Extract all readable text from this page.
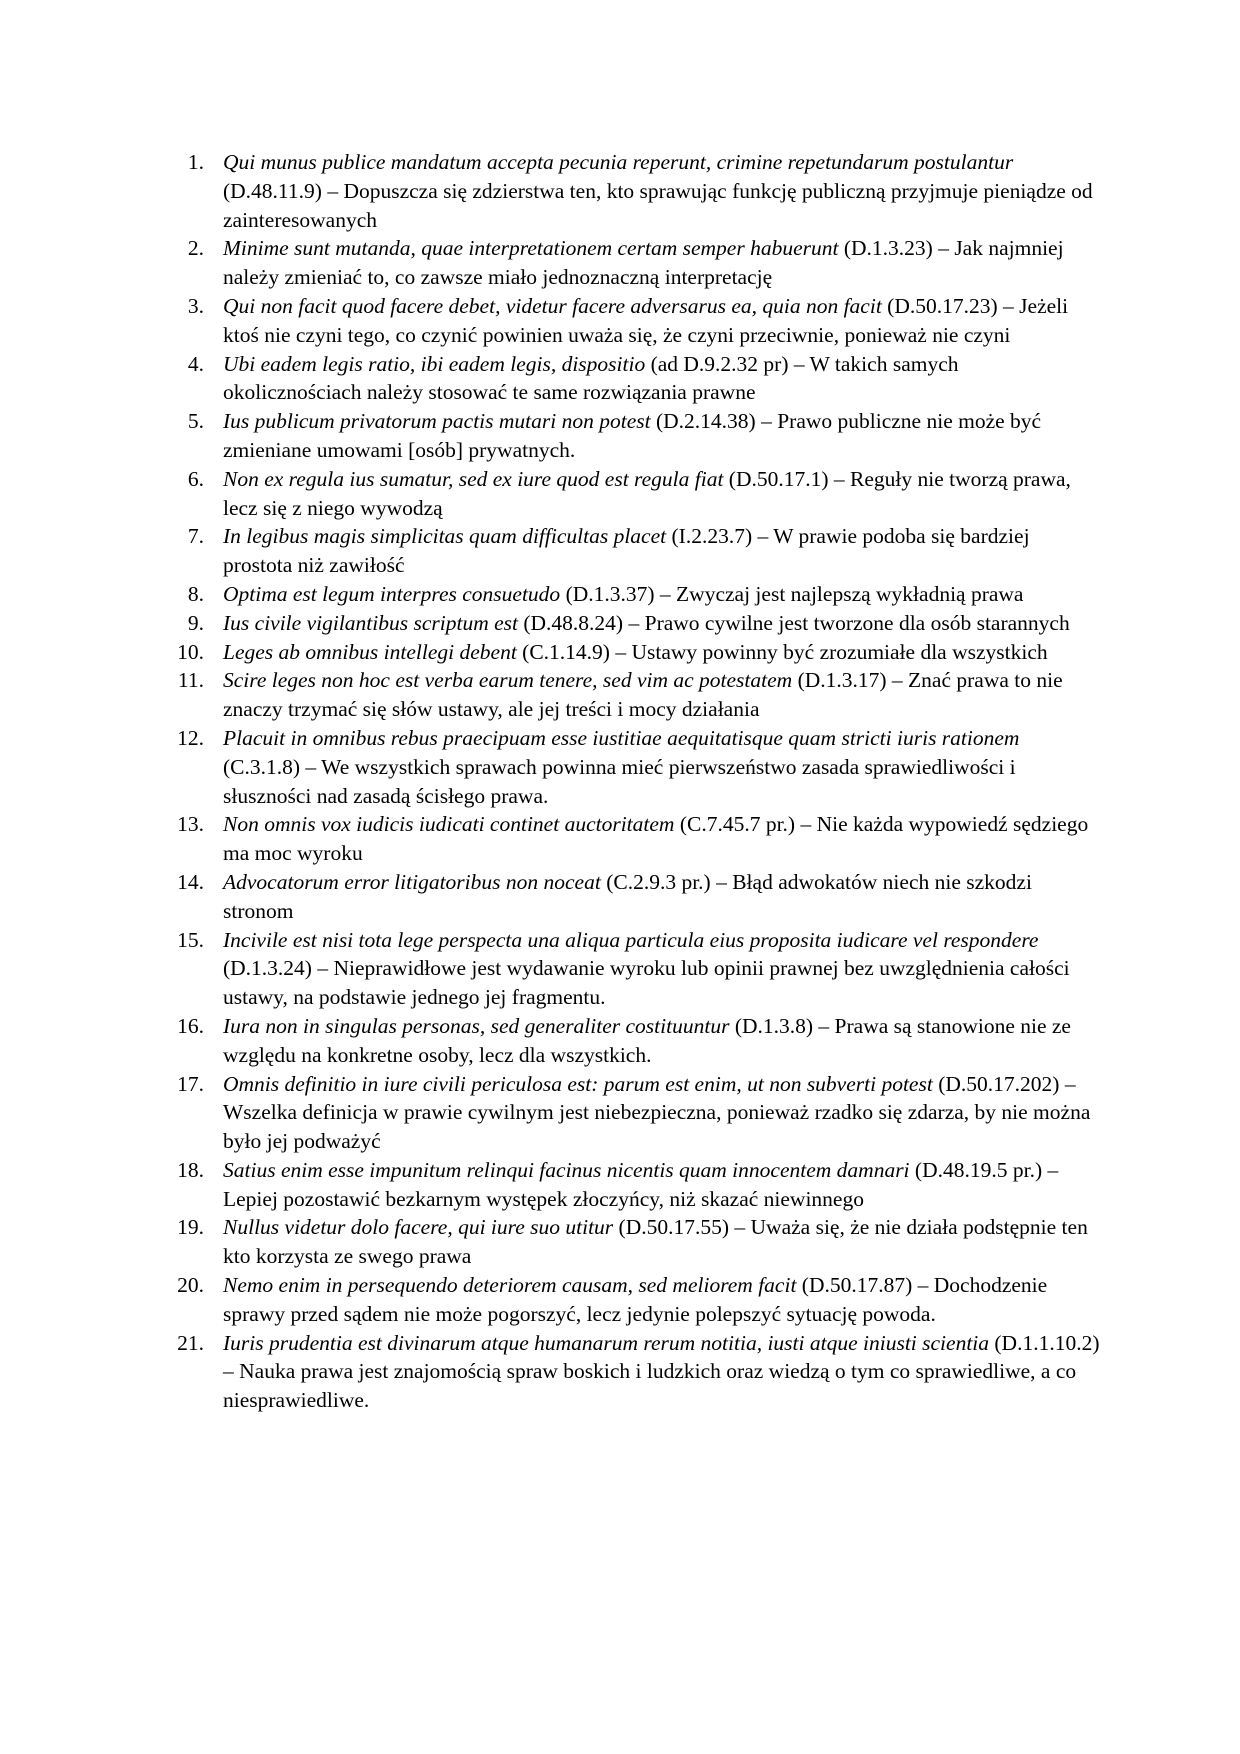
1. Qui munus publice mandatum accepta pecunia reperunt, crimine repetundarum postulantur (D.48.11.9) – Dopuszcza się zdzierstwa ten, kto sprawując funkcję publiczną przyjmuje pieniądze od zainteresowanych
2. Minime sunt mutanda, quae interpretationem certam semper habuerunt (D.1.3.23) – Jak najmniej należy zmieniać to, co zawsze miało jednoznaczną interpretację
3. Qui non facit quod facere debet, videtur facere adversarus ea, quia non facit (D.50.17.23) – Jeżeli ktoś nie czyni tego, co czynić powinien uważa się, że czyni przeciwnie, ponieważ nie czyni
4. Ubi eadem legis ratio, ibi eadem legis, dispositio (ad D.9.2.32 pr) – W takich samych okolicznościach należy stosować te same rozwiązania prawne
5. Ius publicum privatorum pactis mutari non potest (D.2.14.38) – Prawo publiczne nie może być zmieniane umowami [osób] prywatnych.
6. Non ex regula ius sumatur, sed ex iure quod est regula fiat (D.50.17.1) – Reguły nie tworzą prawa, lecz się z niego wywodzą
7. In legibus magis simplicitas quam difficultas placet (I.2.23.7) – W prawie podoba się bardziej prostota niż zawiłość
8. Optima est legum interpres consuetudo (D.1.3.37) – Zwyczaj jest najlepszą wykładnią prawa
9. Ius civile vigilantibus scriptum est (D.48.8.24) – Prawo cywilne jest tworzone dla osób starannych
10. Leges ab omnibus intellegi debent (C.1.14.9) – Ustawy powinny być zrozumiałe dla wszystkich
11. Scire leges non hoc est verba earum tenere, sed vim ac potestatem (D.1.3.17) – Znać prawa to nie znaczy trzymać się słów ustawy, ale jej treści i mocy działania
12. Placuit in omnibus rebus praecipuam esse iustitiae aequitatisque quam stricti iuris rationem (C.3.1.8) – We wszystkich sprawach powinna mieć pierwszeństwo zasada sprawiedliwości i słuszności nad zasadą ścisłego prawa.
13. Non omnis vox iudicis iudicati continet auctoritatem (C.7.45.7 pr.) – Nie każda wypowiedź sędziego ma moc wyroku
14. Advocatorum error litigatoribus non noceat (C.2.9.3 pr.) – Błąd adwokatów niech nie szkodzi stronom
15. Incivile est nisi tota lege perspecta una aliqua particula eius proposita iudicare vel respondere (D.1.3.24) – Nieprawidłowe jest wydawanie wyroku lub opinii prawnej bez uwzględnienia całości ustawy, na podstawie jednego jej fragmentu.
16. Iura non in singulas personas, sed generaliter costituuntur (D.1.3.8) – Prawa są stanowione nie ze względu na konkretne osoby, lecz dla wszystkich.
17. Omnis definitio in iure civili periculosa est: parum est enim, ut non subverti potest (D.50.17.202) – Wszelka definicja w prawie cywilnym jest niebezpieczna, ponieważ rzadko się zdarza, by nie można było jej podważyć
18. Satius enim esse impunitum relinqui facinus nicentis quam innocentem damnari (D.48.19.5 pr.) – Lepiej pozostawić bezkarnym występek złoczyńcy, niż skazać niewinnego
19. Nullus videtur dolo facere, qui iure suo utitur (D.50.17.55) – Uważa się, że nie działa podstępnie ten kto korzysta ze swego prawa
20. Nemo enim in persequendo deteriorem causam, sed meliorem facit (D.50.17.87) – Dochodzenie sprawy przed sądem nie może pogorszyć, lecz jedynie polepszyć sytuację powoda.
21. Iuris prudentia est divinarum atque humanarum rerum notitia, iusti atque iniusti scientia (D.1.1.10.2) – Nauka prawa jest znajomością spraw boskich i ludzkich oraz wiedzą o tym co sprawiedliwe, a co niesprawiedliwe.
